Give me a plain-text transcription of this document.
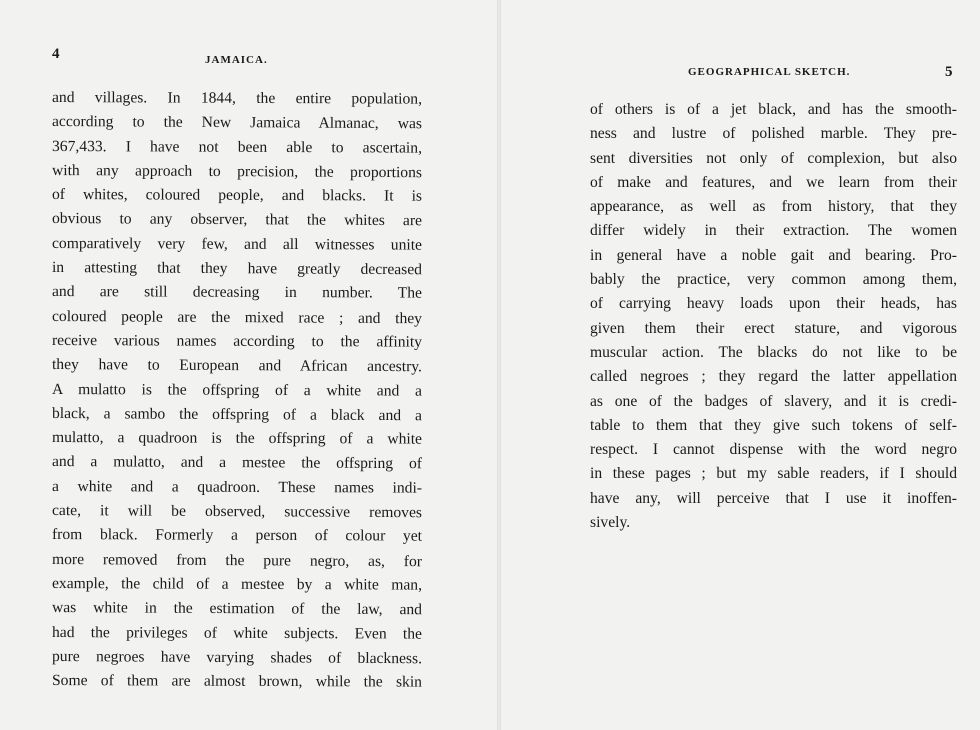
4	JAMAICA.
and villages. In 1844, the entire population,
according to the New Jamaica Almanac, was
367,433. I have not been able to ascertain,
with any approach to precision, the proportions
of whites, coloured people, and blacks. It is
obvious to any observer, that the whites are
comparatively very few, and all witnesses unite
in attesting that they have greatly decreased
and are still decreasing in number. The
coloured people are the mixed race ; and they
receive various names according to the affinity
they have to European and African ancestry.
A mulatto is the offspring of a white and a
black, a sambo the offspring of a black and a
mulatto, a quadroon is the offspring of a white
and a mulatto, and a mestee the offspring of
a white and a quadroon. These names indi-
cate, it will be observed, successive removes
from black. Formerly a person of colour yet
more removed from the pure negro, as, for
example, the child of a mestee by a white man,
was white in the estimation of the law, and
had the privileges of white subjects. Even the
pure negroes have varying shades of blackness.
Some of them are almost brown, while the skin
GEOGRAPHICAL SKETCH.	5
of others is of a jet black, and has the smooth-
ness and lustre of polished marble. They pre-
sent diversities not only of complexion, but also
of make and features, and we learn from their
appearance, as well as from history, that they
differ widely in their extraction. The women
in general have a noble gait and bearing. Pro-
bably the practice, very common among them,
of carrying heavy loads upon their heads, has
given them their erect stature, and vigorous
muscular action. The blacks do not like to be
called negroes ; they regard the latter appellation
as one of the badges of slavery, and it is credi-
table to them that they give such tokens of self-
respect. I cannot dispense with the word negro
in these pages ; but my sable readers, if I should
have any, will perceive that I use it inoffen-
sively.
